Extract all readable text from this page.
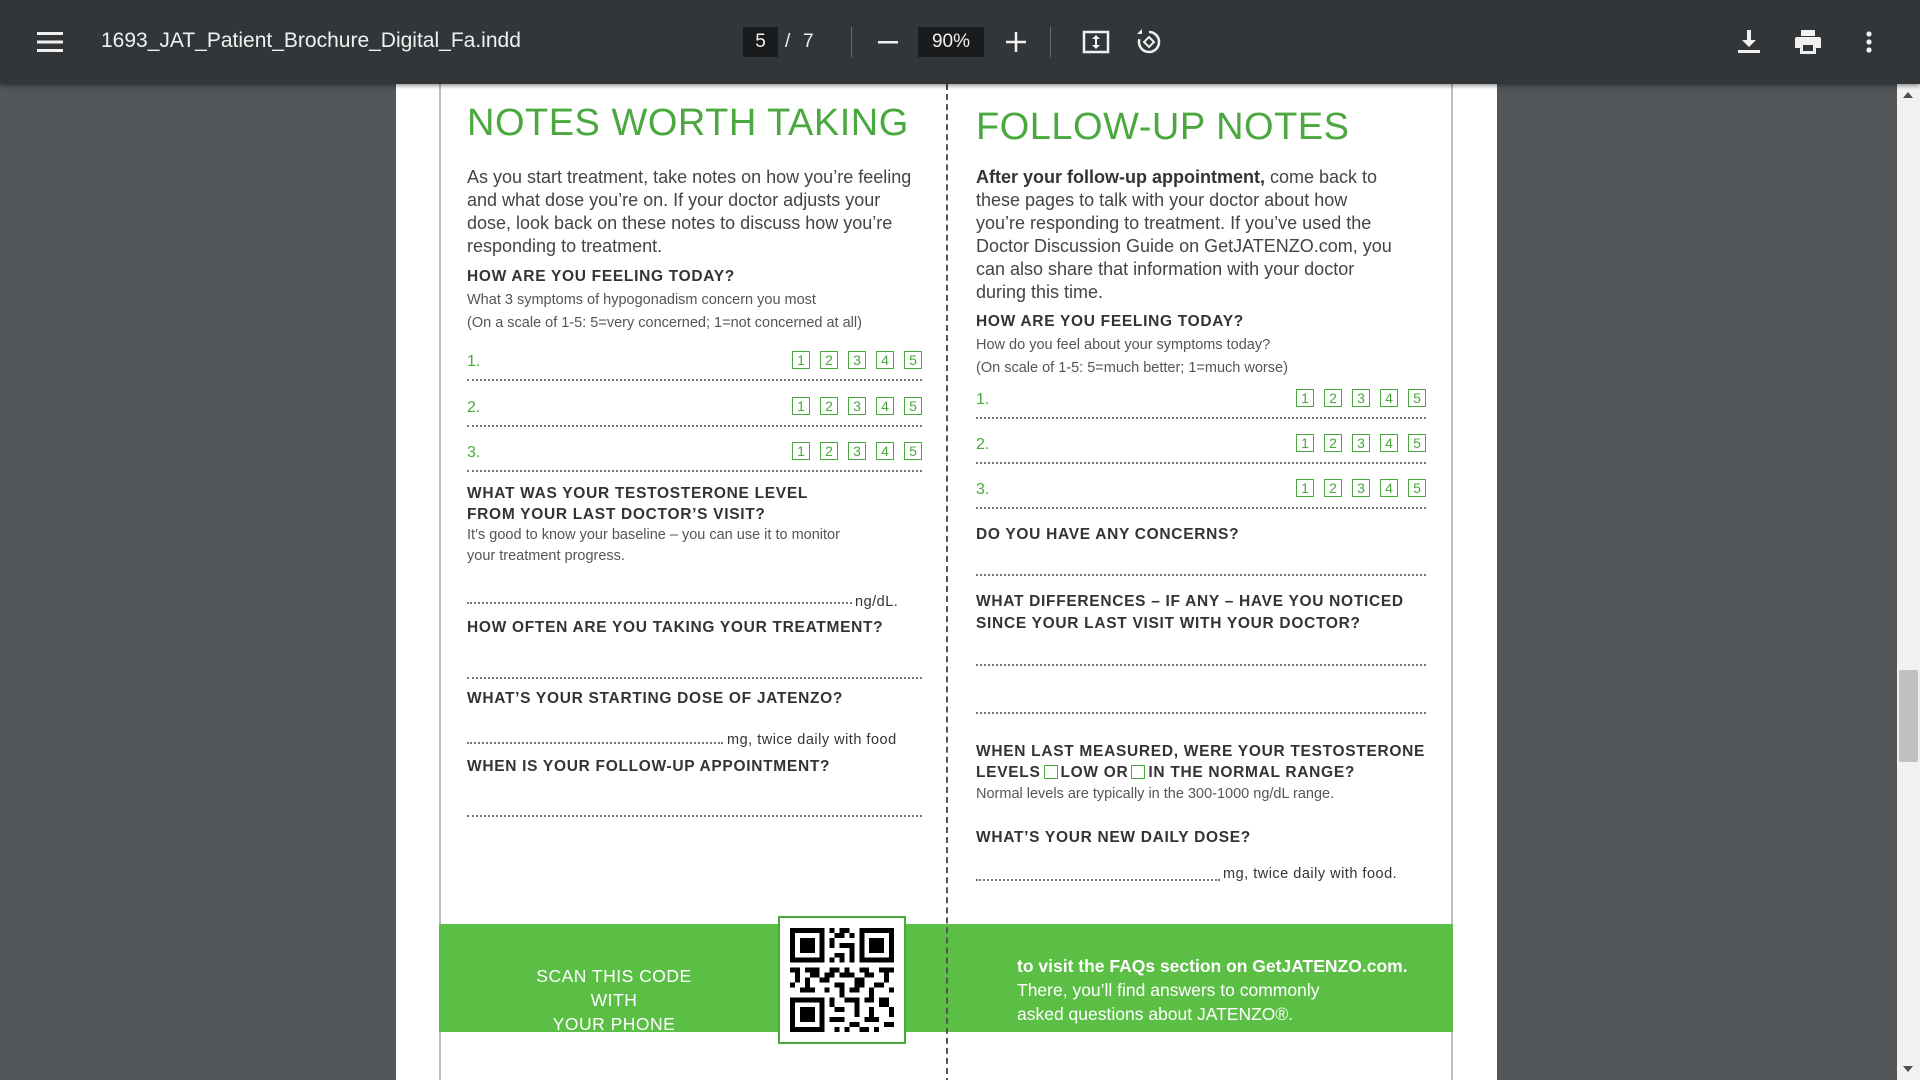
1693_JAT_Patient_Brochure_Digital_Fa.indd	5	/ 7	90%
NOTES WORTH TAKING
As you start treatment, take notes on how you’re feeling and what dose you’re on. If your doctor adjusts your dose, look back on these notes to discuss how you’re responding to treatment.
HOW ARE YOU FEELING TODAY?
What 3 symptoms of hypogonadism concern you most
(On a scale of 1-5: 5=very concerned; 1=not concerned at all)
1.	1	2	3	4	5
2.	1	2	3	4	5
3.	1	2	3	4	5
WHAT WAS YOUR TESTOSTERONE LEVEL
FROM YOUR LAST DOCTOR’S VISIT?
It’s good to know your baseline – you can use it to monitor
your treatment progress.
ng/dL.
HOW OFTEN ARE YOU TAKING YOUR TREATMENT?
WHAT’S YOUR STARTING DOSE OF JATENZO?
mg, twice daily with food
WHEN IS YOUR FOLLOW-UP APPOINTMENT?
FOLLOW-UP NOTES
After your follow-up appointment, come back to these pages to talk with your doctor about how you’re responding to treatment. If you’ve used the Doctor Discussion Guide on GetJATENZO.com, you can also share that information with your doctor during this time.
HOW ARE YOU FEELING TODAY?
How do you feel about your symptoms today?
(On scale of 1-5: 5=much better; 1=much worse)
1.	1	2	3	4	5
2.	1	2	3	4	5
3.	1	2	3	4	5
DO YOU HAVE ANY CONCERNS?
WHAT DIFFERENCES – IF ANY – HAVE YOU NOTICED
SINCE YOUR LAST VISIT WITH YOUR DOCTOR?
WHEN LAST MEASURED, WERE YOUR TESTOSTERONE
LEVELS LOW OR IN THE NORMAL RANGE?
Normal levels are typically in the 300-1000 ng/dL range.
WHAT’S YOUR NEW DAILY DOSE?
mg, twice daily with food.
SCAN THIS CODE WITH
YOUR PHONE CAMERA
to visit the FAQs section on GetJATENZO.com.
There, you’ll find answers to commonly
asked questions about JATENZO®.
